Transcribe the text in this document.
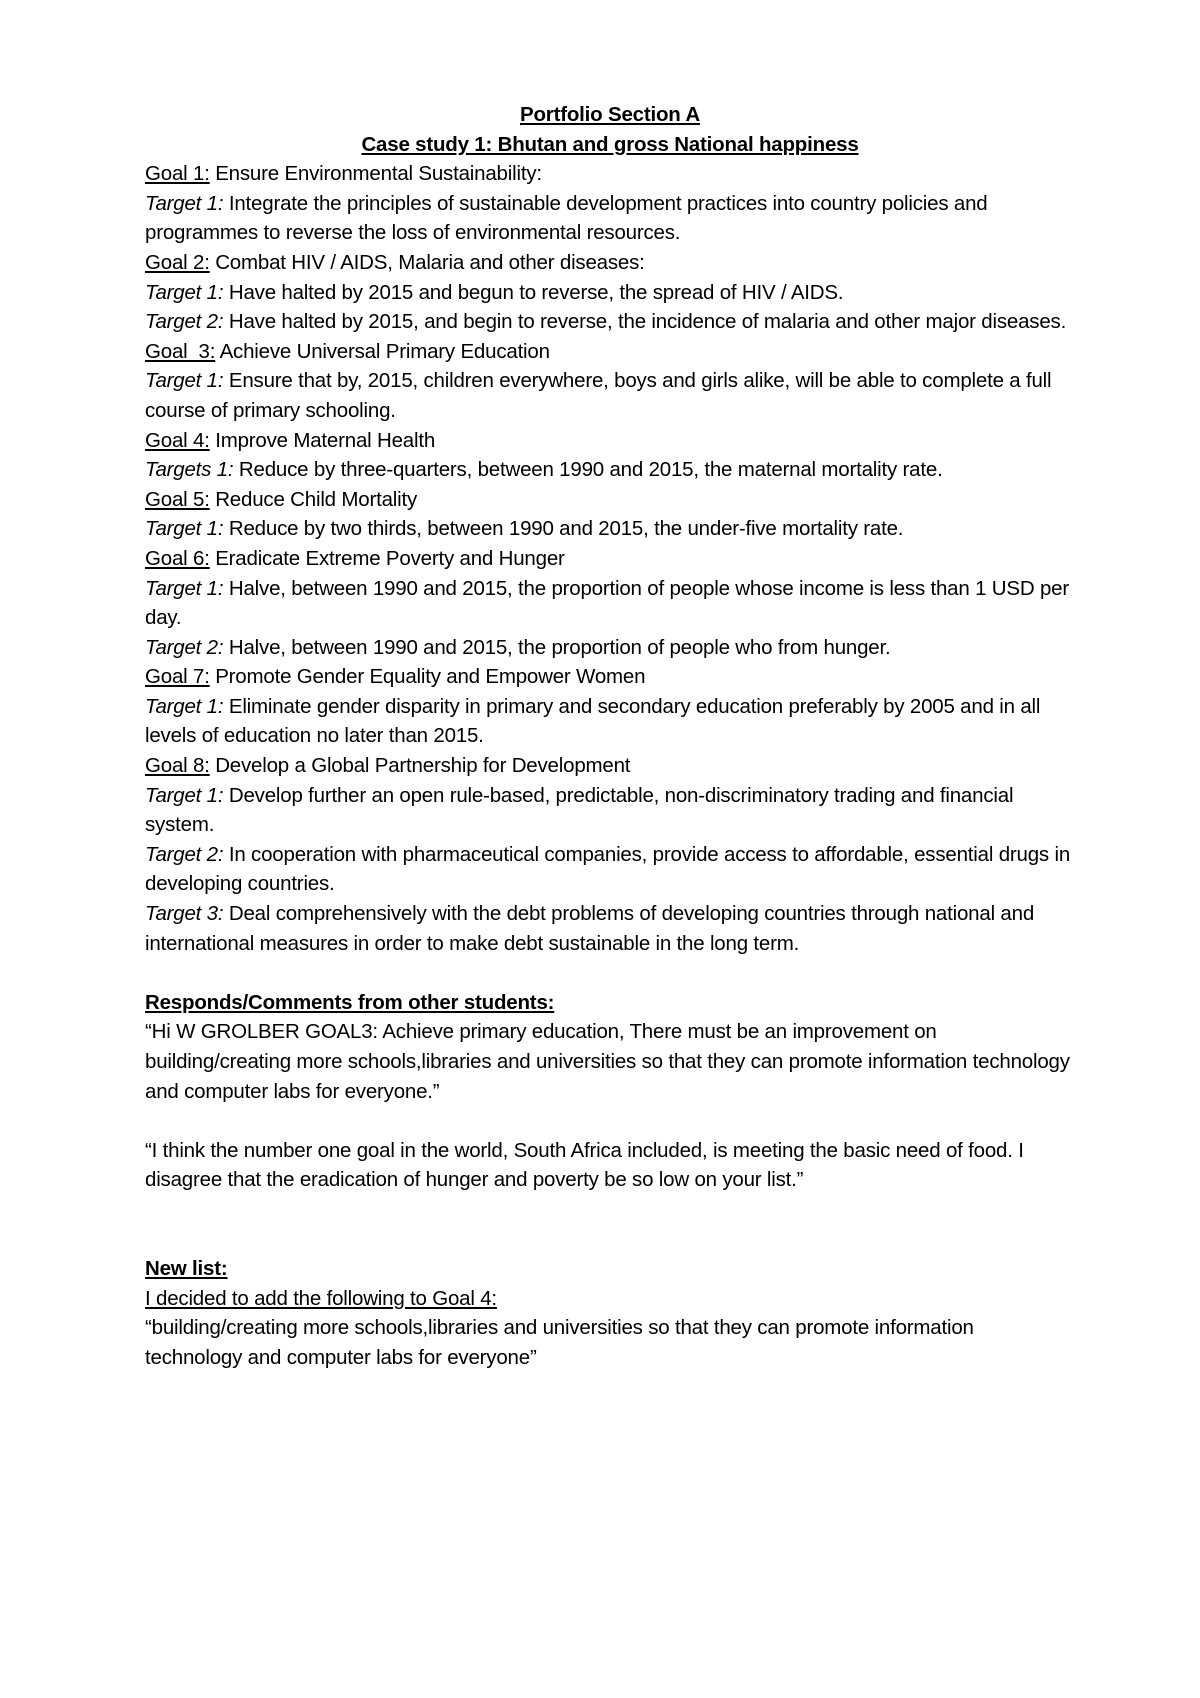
Portfolio Section A

Case study 1: Bhutan and gross National happiness

Goal 1: Ensure Environmental Sustainability:

Target 1: Integrate the principles of sustainable development practices into country policies and programmes to reverse the loss of environmental resources.

Goal 2: Combat HIV / AIDS, Malaria and other diseases:

Target 1: Have halted by 2015 and begun to reverse, the spread of HIV / AIDS.

Target 2: Have halted by 2015, and begin to reverse, the incidence of malaria and other major diseases.

Goal  3: Achieve Universal Primary Education

Target 1: Ensure that by, 2015, children everywhere, boys and girls alike, will be able to complete a full course of primary schooling.

Goal 4: Improve Maternal Health

Targets 1: Reduce by three-quarters, between 1990 and 2015, the maternal mortality rate.

Goal 5: Reduce Child Mortality

Target 1: Reduce by two thirds, between 1990 and 2015, the under-five mortality rate.

Goal 6: Eradicate Extreme Poverty and Hunger

Target 1: Halve, between 1990 and 2015, the proportion of people whose income is less than 1 USD per day.

Target 2: Halve, between 1990 and 2015, the proportion of people who from hunger.

Goal 7: Promote Gender Equality and Empower Women

Target 1: Eliminate gender disparity in primary and secondary education preferably by 2005 and in all levels of education no later than 2015.

Goal 8: Develop a Global Partnership for Development

Target 1: Develop further an open rule-based, predictable, non-discriminatory trading and financial system.

Target 2: In cooperation with pharmaceutical companies, provide access to affordable, essential drugs in developing countries.

Target 3: Deal comprehensively with the debt problems of developing countries through national and international measures in order to make debt sustainable in the long term.

Responds/Comments from other students:

“Hi W GROLBER GOAL3: Achieve primary education, There must be an improvement on building/creating more schools,libraries and universities so that they can promote information technology and computer labs for everyone.”

“I think the number one goal in the world, South Africa included, is meeting the basic need of food. I disagree that the eradication of hunger and poverty be so low on your list.”

New list:

I decided to add the following to Goal 4:

“building/creating more schools,libraries and universities so that they can promote information technology and computer labs for everyone”
